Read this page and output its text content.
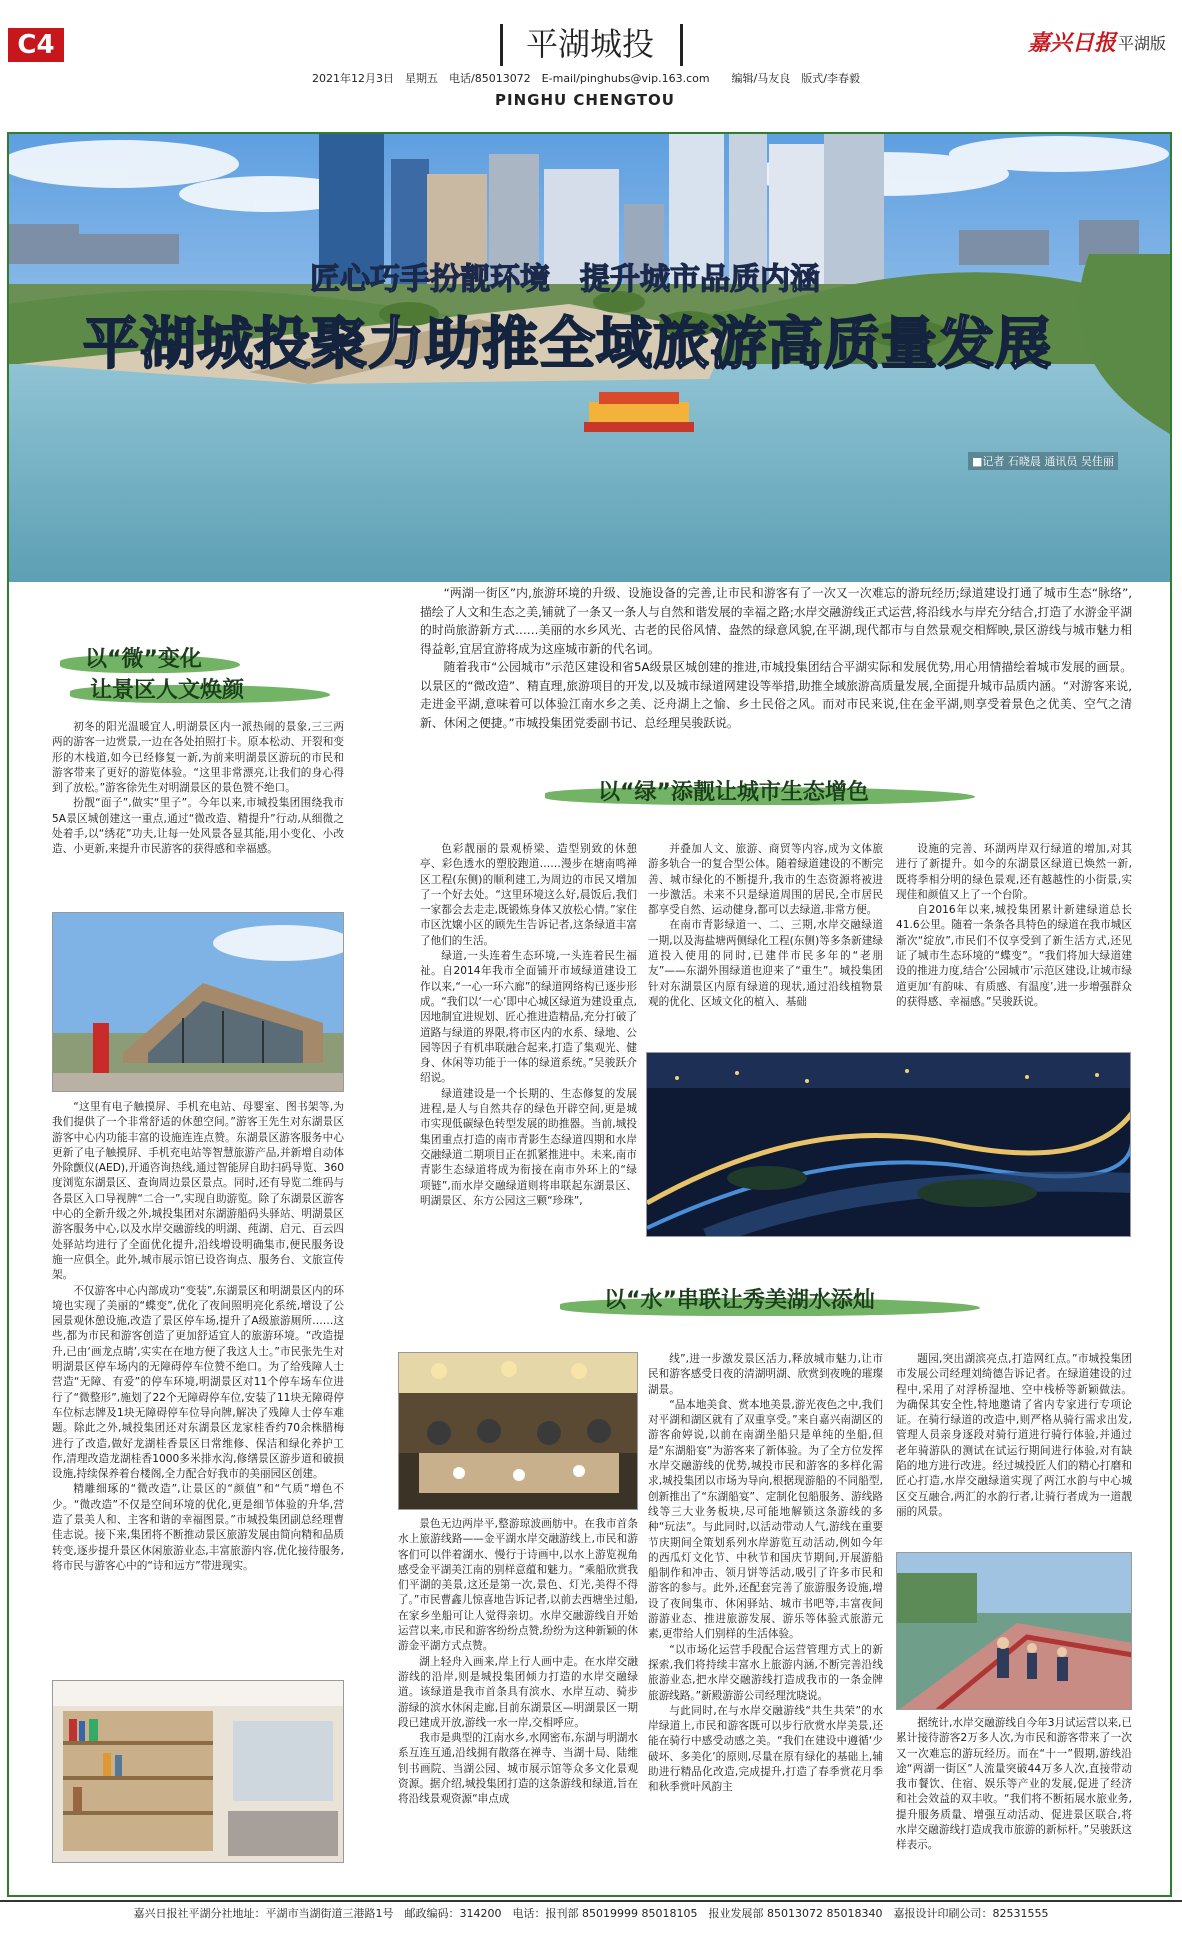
C4	平湖城投	嘉兴日报 平湖版
2021年12月3日　星期五　电话/85013072　E-mail/pinghubs@vip.163.com　　编辑/马友良　版式/李春毅
PINGHU CHENGTOU
匠心巧手扮靓环境　提升城市品质内涵
平湖城投聚力助推全域旅游高质量发展
■记者 石晓晨 通讯员 吴佳丽

“两湖一街区”内,旅游环境的升级、设施设备的完善,让市民和游客有了一次又一次难忘的游玩经历;绿道建设打通了城市生态“脉络”,描绘了人文和生态之美,铺就了一条又一条人与自然和谐发展的幸福之路;水岸交融游线正式运营,将沿线水与岸充分结合,打造了水游金平湖的时尚旅游新方式……美丽的水乡风光、古老的民俗风情、盎然的绿意风貌,在平湖,现代都市与自然景观交相辉映,景区游线与城市魅力相得益彰,宜居宜游将成为这座城市新的代名词。

随着我市“公园城市”示范区建设和省5A级景区城创建的推进,市城投集团结合平湖实际和发展优势,用心用情描绘着城市发展的画景。以景区的“微改造”、精直理,旅游项目的开发,以及城市绿道网建设等举措,助推全域旅游高质量发展,全面提升城市品质内涵。“对游客来说,走进金平湖,意味着可以体验江南水乡之美、泛舟湖上之愉、乡土民俗之风。而对市民来说,住在金平湖,则享受着景色之优美、空气之清新、休闲之便捷。”市城投集团党委副书记、总经理吴骏跃说。

以“微”变化
让景区人文焕颜

初冬的阳光温暖宜人,明湖景区内一派热闹的景象,三三两两的游客一边赏景,一边在各处拍照打卡。原本松动、开裂和变形的木栈道,如今已经修复一新,为前来明湖景区游玩的市民和游客带来了更好的游览体验。“这里非常漂亮,让我们的身心得到了放松。”游客徐先生对明湖景区的景色赞不绝口。

扮靓“面子”,做实“里子”。今年以来,市城投集团围绕我市5A景区城创建这一重点,通过“微改造、精提升”行动,从细微之处着手,以“绣花”功夫,让每一处风景各显其能,用小变化、小改造、小更新,来提升市民游客的获得感和幸福感。

“这里有电子触摸屏、手机充电站、母婴室、图书架等,为我们提供了一个非常舒适的休憩空间。”游客王先生对东湖景区游客中心内功能丰富的设施连连点赞。东湖景区游客服务中心更新了电子触摸屏、手机充电站等智慧旅游产品,并新增自动体外除颤仪(AED),开通咨询热线,通过智能屏自助扫码导览、360度浏览东湖景区、查询周边景区景点。同时,还有导览二维码与各景区入口导视牌“二合一”,实现自助游览。除了东湖景区游客中心的全新升级之外,城投集团对东湖游船码头驿站、明湖景区游客服务中心,以及水岸交融游线的明湖、莼湖、启元、百云四处驿站均进行了全面优化提升,沿线增设明确集市,便民服务设施一应俱全。此外,城市展示馆已设咨询点、服务台、文旅宣传架。

不仅游客中心内部成功“变装”,东湖景区和明湖景区内的环境也实现了美丽的“蝶变”,优化了夜间照明亮化系统,增设了公园景观休憩设施,改造了景区停车场,提升了A级旅游厕所……这些,都为市民和游客创造了更加舒适宜人的旅游环境。“改造提升,已由‘画龙点睛’,实实在在地方便了我这人士。”市民张先生对明湖景区停车场内的无障碍停车位赞不绝口。为了给残障人士营造“无障、有爱”的停车环境,明湖景区对11个停车场车位进行了“微整形”,施划了22个无障碍停车位,安装了11块无障碍停车位标志牌及1块无障碍停车位导向牌,解决了残障人士停车难题。除此之外,城投集团还对东湖景区龙家桂香约70余株腊梅进行了改造,做好龙湖桂香景区日常维修、保洁和绿化养护工作,清理改造龙湖桂香1000多米排水沟,修缮景区游步道和破损设施,持续保养着台楼阁,全力配合好我市的美丽园区创建。

精雕细琢的“微改造”,让景区的“颜值”和“气质”增色不少。“微改造”不仅是空间环境的优化,更是细节体验的升华,营造了景美人和、主客和谐的幸福图景。”市城投集团副总经理曹佳志说。接下来,集团将不断推动景区旅游发展由简向精和品质转变,逐步提升景区休闲旅游业态,丰富旅游内容,优化接待服务,将市民与游客心中的“诗和远方”带进现实。

以“绿”添靓让城市生态增色

色彩靓丽的景观桥梁、造型别致的休憩亭、彩色透水的塑胶跑道……漫步在塘南鸣禅区工程(东侧)的顺利建工,为周边的市民又增加了一个好去处。“这里环境这么好,晨饭后,我们一家都会去走走,既锻炼身体又放松心情。”家住市区沈嬢小区的顾先生告诉记者,这条绿道丰富了他们的生活。

绿道,一头连着生态环境,一头连着民生福祉。自2014年我市全面铺开市域绿道建设工作以来,“一心一环六廊”的绿道网络构已逐步形成。“我们以‘一心’即中心城区绿道为建设重点,因地制宜进规划、匠心推进造精品,充分打破了道路与绿道的界限,将市区内的水系、绿地、公园等因子有机串联融合起来,打造了集观光、健身、休闲等功能于一体的绿道系统。”吴骏跃介绍说。

绿道建设是一个长期的、生态修复的发展进程,是人与自然共存的绿色开辟空间,更是城市实现低碳绿色转型发展的助推器。当前,城投集团重点打造的南市青影生态绿道四期和水岸交融绿道二期项目正在抓紧推进中。未来,南市青影生态绿道将成为衔接在南市外环上的“绿项链”,而水岸交融绿道则将串联起东湖景区、明湖景区、东方公园这三颗“珍珠”,

并叠加人文、旅游、商贸等内容,成为文体旅游多轨合一的复合型公体。随着绿道建设的不断完善、城市绿化的不断提升,我市的生态资源将被进一步激活。未来不只是绿道周围的居民,全市居民都享受自然、运动健身,都可以去绿道,非常方便。

在南市青影绿道一、二、三期,水岸交融绿道一期,以及海盐塘两侧绿化工程(东侧)等多条新建绿道投入使用的同时,已建伴市民多年的“老朋友”——东湖外围绿道也迎来了“重生”。城投集团针对东湖景区内原有绿道的现状,通过沿线植物景观的优化、区域文化的植入、基础

设施的完善、环湖两岸双行绿道的增加,对其进行了新提升。如今的东湖景区绿道已焕然一新,既将季相分明的绿色景观,还有越越性的小街景,实现佳和颜值又上了一个台阶。

自2016年以来,城投集团累计新建绿道总长41.6公里。随着一条条各具特色的绿道在我市城区渐次“绽放”,市民们不仅享受到了新生活方式,还见证了城市生态环境的“蝶变”。“我们将加大绿道建设的推进力度,结合‘公园城市’示范区建设,让城市绿道更加‘有韵味、有质感、有温度’,进一步增强群众的获得感、幸福感。”吴骏跃说。

以“水”串联让秀美湖水添灿

景色无边两岸平,整游琼波画舫中。在我市首条水上旅游线路——金平湖水岸交融游线上,市民和游客们可以伴着湖水、慢行于诗画中,以水上游览视角感受金平湖美江南的别样意蕴和魅力。“乘船欣赏我们平湖的美景,这还是第一次,景色、灯光,美得不得了。”市民曹鑫儿惊喜地告诉记者,以前去西塘坐过船,在家乡坐船可让人觉得亲切。水岸交融游线自开始运营以来,市民和游客纷纷点赞,纷纷为这种新颖的休游金平湖方式点赞。

湖上轻舟入画来,岸上行人画中走。在水岸交融游线的沿岸,则是城投集团倾力打造的水岸交融绿道。该绿道是我市首条具有滨水、水岸互动、骑步游绿的滨水休闲走廊,目前东湖景区—明湖景区一期段已建成开放,游线一水一岸,交相呼应。

我市是典型的江南水乡,水网密布,东湖与明湖水系互连互通,沿线拥有散落在禅寺、当湖十局、陆维钊书画院、当湖公园、城市展示馆等众多文化景观资源。据介绍,城投集团打造的这条游线和绿道,旨在将沿线景观资源“串点成

线”,进一步激发景区活力,释放城市魅力,让市民和游客感受日夜的清湖明湖、欣赏到夜晚的璀璨湖景。

“品本地美食、赏本地美景,游光夜色之中,我们对平湖和湖区就有了双重享受。”来自嘉兴南湖区的游客俞婷说,以前在南湖坐船只是单纯的坐船,但是“东湖船宴”为游客来了新体验。为了全方位发挥水岸交融游线的优势,城投市民和游客的多样化需求,城投集团以市场为导向,根据现游船的不同船型,创新推出了“东湖船宴”、定制化包船服务、游线路线等三大业务板块,尽可能地解锁这条游线的多种“玩法”。与此同时,以活动带动人气,游线在重要节庆期间全策划系列水岸游览互动活动,例如今年的西瓜灯文化节、中秋节和国庆节期间,开展游船船制作和冲击、领月饼等活动,吸引了许多市民和游客的参与。此外,还配套完善了旅游服务设施,增设了夜间集市、休闲驿站、城市书吧等,丰富夜间游游业态、推进旅游发展、游乐等体验式旅游元素,更带给人们别样的生活体验。

“以市场化运营手段配合运营管理方式上的新探索,我们将持续丰富水上旅游内涵,不断完善沿线旅游业态,把水岸交融游线打造成我市的一条金牌旅游线路。”新殿游游公司经理沈晓说。

与此同时,在与水岸交融游线“共生共荣”的水岸绿道上,市民和游客既可以步行欣赏水岸美景,还能在骑行中感受动感之美。“我们在建设中遵循‘少破坏、多美化’的原则,尽量在原有绿化的基础上,辅助进行精品化改造,完成提升,打造了春季赏花月季和秋季赏叶风韵主

题园,突出湖滨亮点,打造网红点。”市城投集团市发展公司经理刘绮德告诉记者。在绿道建设的过程中,采用了对浮桥湿地、空中栈桥等新颖做法。为确保其安全性,特地邀请了省内专家进行专项论证。在骑行绿道的改造中,则严格从骑行需求出发,管理人员亲身逐段对骑行道进行骑行体验,并通过老年骑游队的测试在试运行期间进行体验,对有缺陷的地方进行改进。经过城投匠人们的精心打磨和匠心打造,水岸交融绿道实现了两江水韵与中心城区交互融合,两汇的水韵行者,让骑行者成为一道靓丽的风景。

据统计,水岸交融游线自今年3月试运营以来,已累计接待游客2万多人次,为市民和游客带来了一次又一次难忘的游玩经历。而在“十一”假期,游线沿途“两湖一街区”人流量突破44万多人次,直接带动我市餐饮、住宿、娱乐等产业的发展,促进了经济和社会效益的双丰收。“我们将不断拓展水旅业务,提升服务质量、增强互动活动、促进景区联合,将水岸交融游线打造成我市旅游的新标杆。”吴骏跃这样表示。

嘉兴日报社平湖分社地址：平湖市当湖街道三港路1号　邮政编码：314200　电话：报刊部 85019999 85018105　报业发展部 85013072 85018340　嘉报设计印刷公司：82531555
